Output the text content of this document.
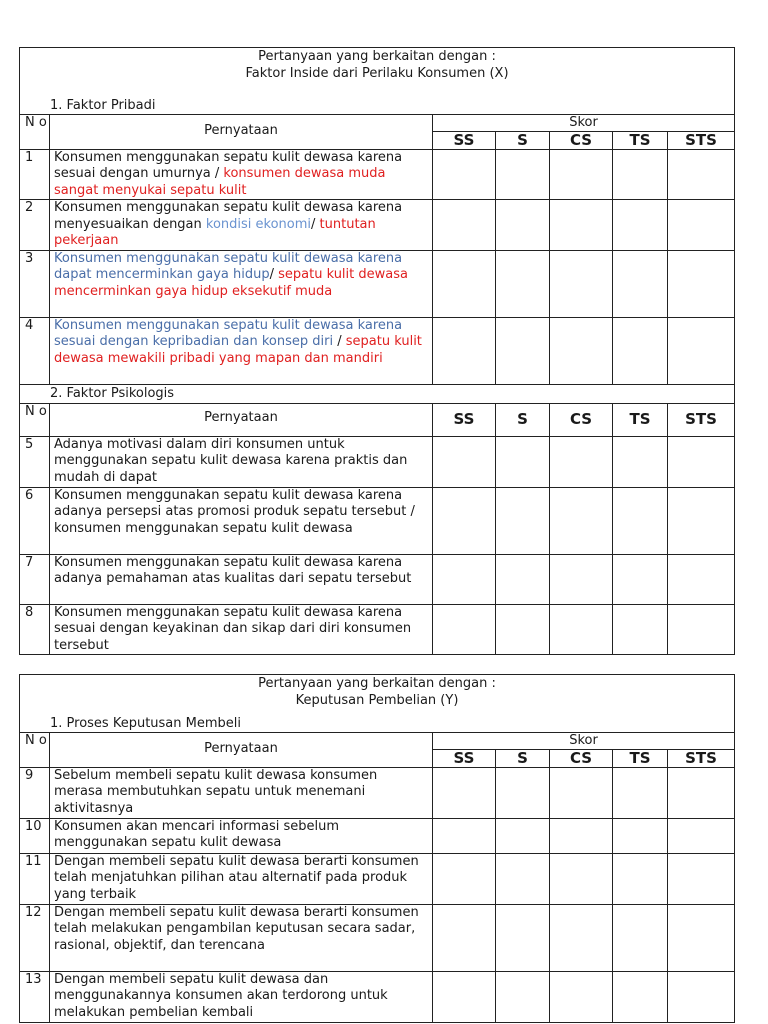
Pertanyaan yang berkaitan dengan :
Faktor Inside dari Perilaku Konsumen (X)						

1. Faktor Pribadi						
N o	Pernyataan	Skor				
		SS	S	CS	TS	STS
1	Konsumen menggunakan sepatu kulit dewasa karena sesuai dengan umurnya / konsumen dewasa muda sangat menyukai sepatu kulit					
2	Konsumen menggunakan sepatu kulit dewasa karena menyesuaikan dengan kondisi ekonomi/ tuntutan pekerjaan					
3	Konsumen menggunakan sepatu kulit dewasa karena dapat mencerminkan gaya hidup/ sepatu kulit dewasa mencerminkan gaya hidup eksekutif muda					
4	Konsumen menggunakan sepatu kulit dewasa karena sesuai dengan kepribadian dan konsep diri / sepatu kulit dewasa mewakili pribadi yang mapan dan mandiri					
2. Faktor Psikologis						
N o	Pernyataan	SS	S	CS	TS	STS
5	Adanya motivasi dalam diri konsumen untuk menggunakan sepatu kulit dewasa karena praktis dan mudah di dapat					
6	Konsumen menggunakan sepatu kulit dewasa karena adanya persepsi atas promosi produk sepatu tersebut / konsumen menggunakan sepatu kulit dewasa					
7	Konsumen menggunakan sepatu kulit dewasa karena adanya pemahaman atas kualitas dari sepatu tersebut					
8	Konsumen menggunakan sepatu kulit dewasa karena sesuai dengan keyakinan dan sikap dari diri konsumen tersebut					
Pertanyaan yang berkaitan dengan :
Keputusan Pembelian (Y)						

1. Proses Keputusan Membeli						
N o	Pernyataan	Skor				
		SS	S	CS	TS	STS
9	Sebelum membeli sepatu kulit dewasa konsumen merasa membutuhkan sepatu untuk menemani aktivitasnya					
10	Konsumen akan mencari informasi sebelum menggunakan sepatu kulit dewasa					
11	Dengan membeli sepatu kulit dewasa berarti konsumen telah menjatuhkan pilihan atau alternatif pada produk yang terbaik					
12	Dengan membeli sepatu kulit dewasa berarti konsumen telah melakukan pengambilan keputusan secara sadar, rasional, objektif, dan terencana					
13	Dengan membeli sepatu kulit dewasa dan menggunakannya konsumen akan terdorong untuk melakukan pembelian kembali					
